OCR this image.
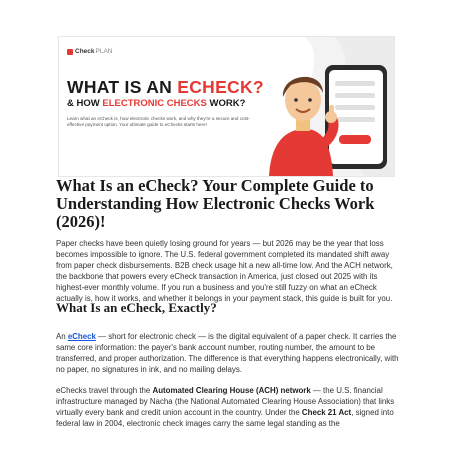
Check PLAN
WHAT IS AN ECHECK?
& HOW ELECTRONIC CHECKS WORK?

Learn what an eCheck is, how electronic checks work, and why they're a secure and cost-effective payment option. Your ultimate guide to eChecks starts here!

What Is an eCheck? Your Complete Guide to Understanding How Electronic Checks Work (2026)!

Paper checks have been quietly losing ground for years — but 2026 may be the year that loss becomes impossible to ignore. The U.S. federal government completed its mandated shift away from paper check disbursements. B2B check usage hit a new all-time low. And the ACH network, the backbone that powers every eCheck transaction in America, just closed out 2025 with its highest-ever monthly volume. If you run a business and you're still fuzzy on what an eCheck actually is, how it works, and whether it belongs in your payment stack, this guide is built for you.

What Is an eCheck, Exactly?

An eCheck — short for electronic check — is the digital equivalent of a paper check. It carries the same core information: the payer's bank account number, routing number, the amount to be transferred, and proper authorization. The difference is that everything happens electronically, with no paper, no signatures in ink, and no mailing delays.

eChecks travel through the Automated Clearing House (ACH) network — the U.S. financial infrastructure managed by Nacha (the National Automated Clearing House Association) that links virtually every bank and credit union account in the country. Under the Check 21 Act, signed into federal law in 2004, electronic check images carry the same legal standing as the
